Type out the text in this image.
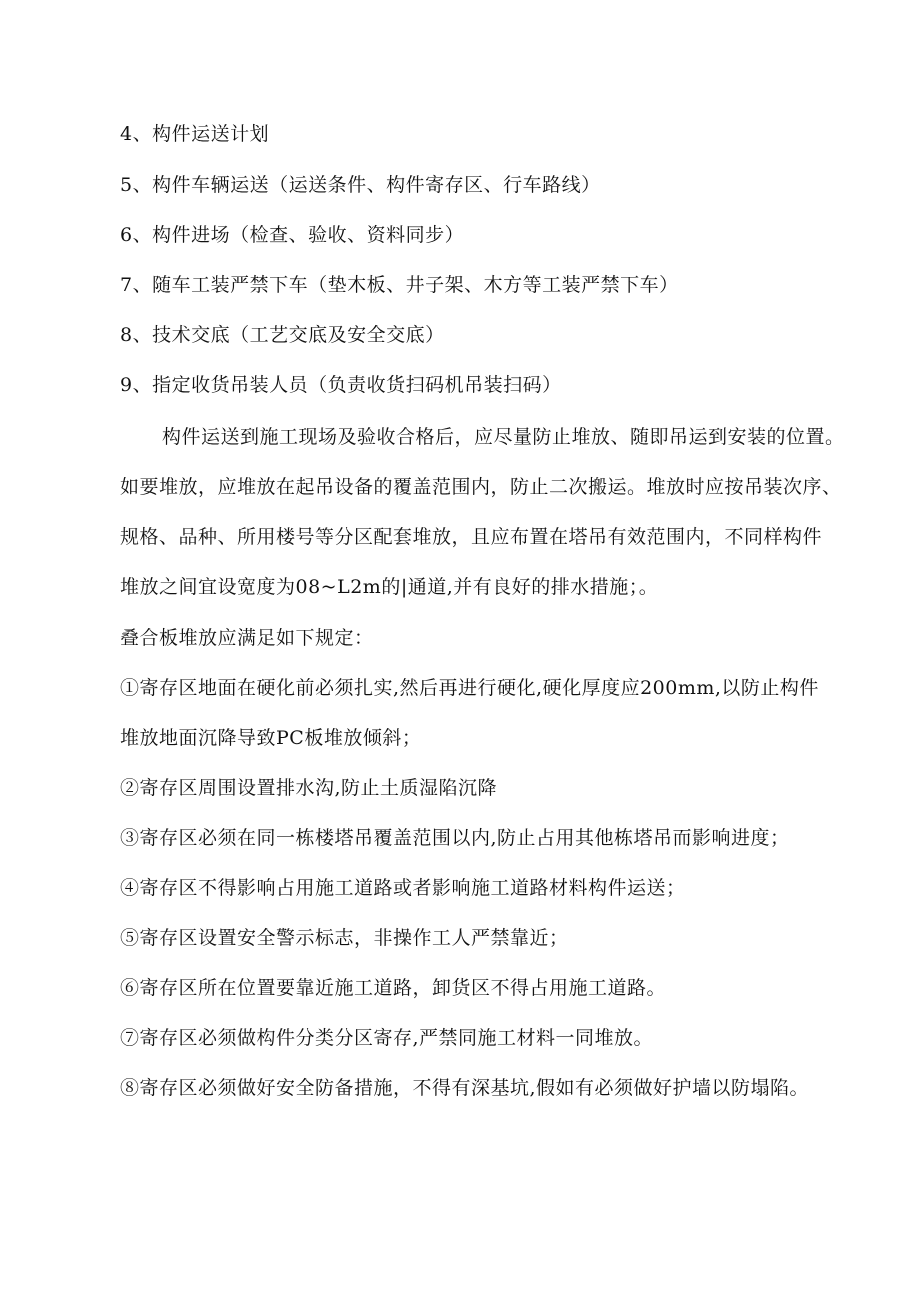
4、构件运送计划
5、构件车辆运送（运送条件、构件寄存区、行车路线）
6、构件进场（检查、验收、资料同步）
7、随车工装严禁下车（垫木板、井子架、木方等工装严禁下车）
8、技术交底（工艺交底及安全交底）
9、指定收货吊装人员（负责收货扫码机吊装扫码）
构件运送到施工现场及验收合格后，应尽量防止堆放、随即吊运到安装的位置。
如要堆放，应堆放在起吊设备的覆盖范围内，防止二次搬运。堆放时应按吊装次序、
规格、品种、所用楼号等分区配套堆放，且应布置在塔吊有效范围内，不同样构件
堆放之间宜设宽度为08~L2m的|通道,并有良好的排水措施；。
叠合板堆放应满足如下规定：
①寄存区地面在硬化前必须扎实,然后再进行硬化,硬化厚度应200mm,以防止构件
堆放地面沉降导致PC板堆放倾斜；
②寄存区周围设置排水沟,防止土质湿陷沉降
③寄存区必须在同一栋楼塔吊覆盖范围以内,防止占用其他栋塔吊而影响进度；
④寄存区不得影响占用施工道路或者影响施工道路材料构件运送；
⑤寄存区设置安全警示标志，非操作工人严禁靠近；
⑥寄存区所在位置要靠近施工道路，卸货区不得占用施工道路。
⑦寄存区必须做构件分类分区寄存,严禁同施工材料一同堆放。
⑧寄存区必须做好安全防备措施，不得有深基坑,假如有必须做好护墙以防塌陷。
